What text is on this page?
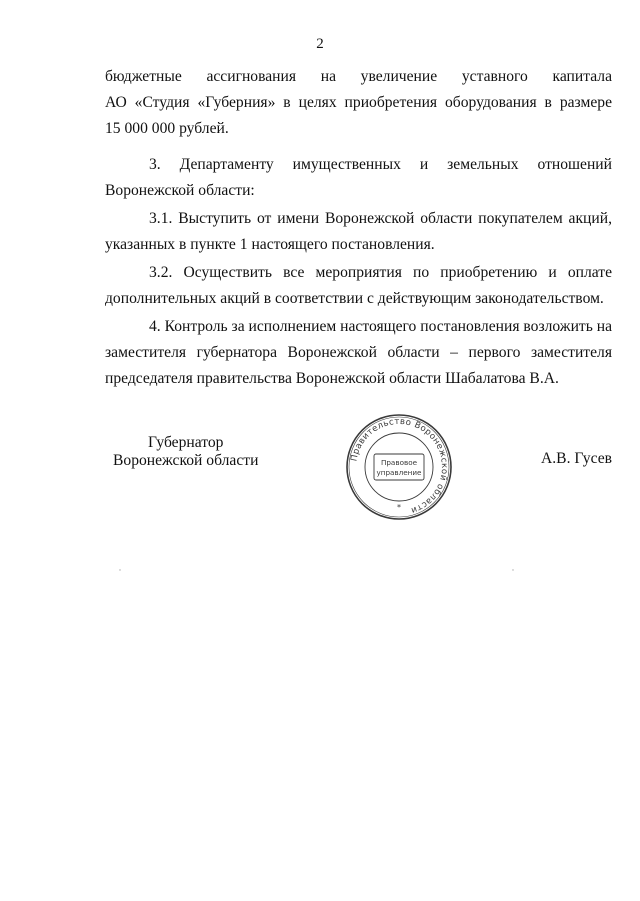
2

бюджетные ассигнования на увеличение уставного капитала

АО «Студия «Губерния» в целях приобретения оборудования в размере

15 000 000 рублей.

3. Департаменту имущественных и земельных отношений

Воронежской области:

3.1. Выступить от имени Воронежской области покупателем акций, указанных в пункте 1 настоящего постановления.

3.2. Осуществить все мероприятия по приобретению и оплате дополнительных акций в соответствии с действующим законодательством.

4. Контроль за исполнением настоящего постановления возложить на заместителя губернатора Воронежской области – первого заместителя председателя правительства Воронежской области Шабалатова В.А.

Губернатор
Воронежской области	Правительство Воронежской области
Правовое
управление
*
А.В. Гусев
